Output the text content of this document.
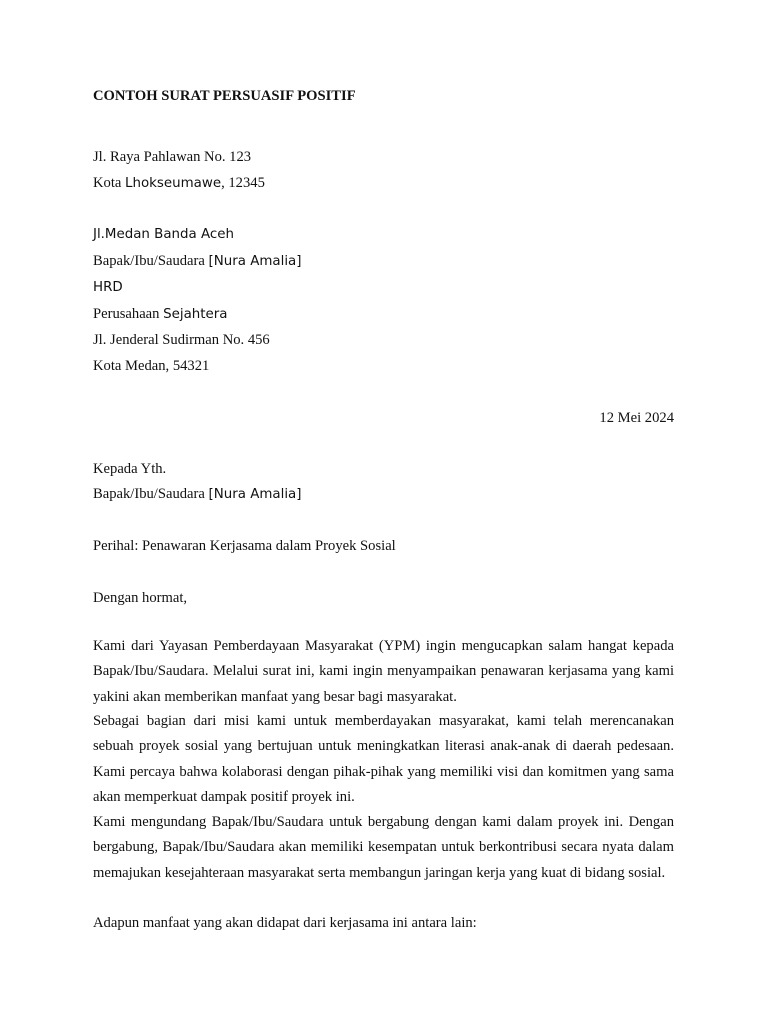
CONTOH SURAT PERSUASIF POSITIF
Jl. Raya Pahlawan No. 123
Kota Lhokseumawe, 12345
Jl.Medan Banda Aceh
Bapak/Ibu/Saudara [Nura Amalia]
HRD
Perusahaan Sejahtera
Jl. Jenderal Sudirman No. 456
Kota Medan, 54321
12 Mei 2024
Kepada Yth.
Bapak/Ibu/Saudara [Nura Amalia]
Perihal: Penawaran Kerjasama dalam Proyek Sosial
Dengan hormat,

Kami dari Yayasan Pemberdayaan Masyarakat (YPM) ingin mengucapkan salam hangat kepada Bapak/Ibu/Saudara. Melalui surat ini, kami ingin menyampaikan penawaran kerjasama yang kami yakini akan memberikan manfaat yang besar bagi masyarakat.

Sebagai bagian dari misi kami untuk memberdayakan masyarakat, kami telah merencanakan sebuah proyek sosial yang bertujuan untuk meningkatkan literasi anak-anak di daerah pedesaan. Kami percaya bahwa kolaborasi dengan pihak-pihak yang memiliki visi dan komitmen yang sama akan memperkuat dampak positif proyek ini.

Kami mengundang Bapak/Ibu/Saudara untuk bergabung dengan kami dalam proyek ini. Dengan bergabung, Bapak/Ibu/Saudara akan memiliki kesempatan untuk berkontribusi secara nyata dalam memajukan kesejahteraan masyarakat serta membangun jaringan kerja yang kuat di bidang sosial.

Adapun manfaat yang akan didapat dari kerjasama ini antara lain:
